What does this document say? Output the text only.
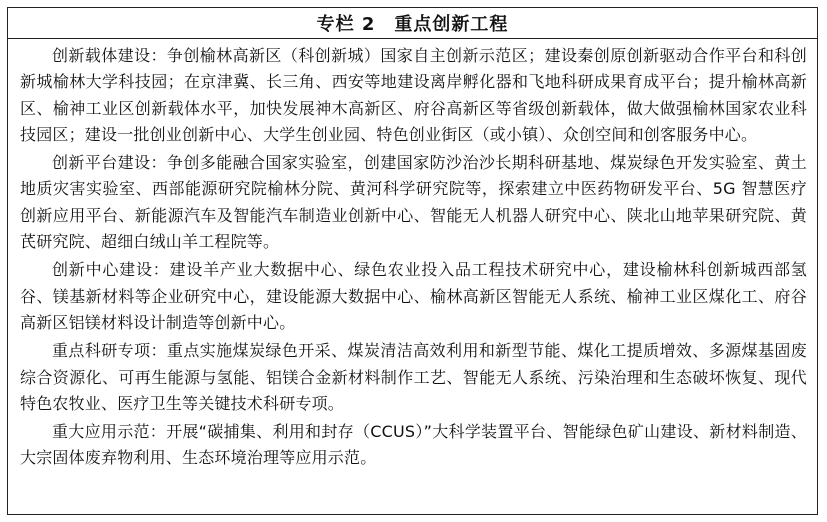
专栏 2　重点创新工程

创新载体建设：争创榆林高新区（科创新城）国家自主创新示范区；建设秦创原创新驱动合作平台和科创新城榆林大学科技园；在京津冀、长三角、西安等地建设离岸孵化器和飞地科研成果育成平台；提升榆林高新区、榆神工业区创新载体水平，加快发展神木高新区、府谷高新区等省级创新载体，做大做强榆林国家农业科技园区；建设一批创业创新中心、大学生创业园、特色创业街区（或小镇）、众创空间和创客服务中心。

创新平台建设：争创多能融合国家实验室，创建国家防沙治沙长期科研基地、煤炭绿色开发实验室、黄土地质灾害实验室、西部能源研究院榆林分院、黄河科学研究院等，探索建立中医药物研发平台、5G 智慧医疗创新应用平台、新能源汽车及智能汽车制造业创新中心、智能无人机器人研究中心、陕北山地苹果研究院、黄芪研究院、超细白绒山羊工程院等。

创新中心建设：建设羊产业大数据中心、绿色农业投入品工程技术研究中心，建设榆林科创新城西部氢谷、镁基新材料等企业研究中心，建设能源大数据中心、榆林高新区智能无人系统、榆神工业区煤化工、府谷高新区铝镁材料设计制造等创新中心。

重点科研专项：重点实施煤炭绿色开采、煤炭清洁高效利用和新型节能、煤化工提质增效、多源煤基固废综合资源化、可再生能源与氢能、铝镁合金新材料制作工艺、智能无人系统、污染治理和生态破坏恢复、现代特色农牧业、医疗卫生等关键技术科研专项。

重大应用示范：开展“碳捕集、利用和封存（CCUS）”大科学装置平台、智能绿色矿山建设、新材料制造、大宗固体废弃物利用、生态环境治理等应用示范。
